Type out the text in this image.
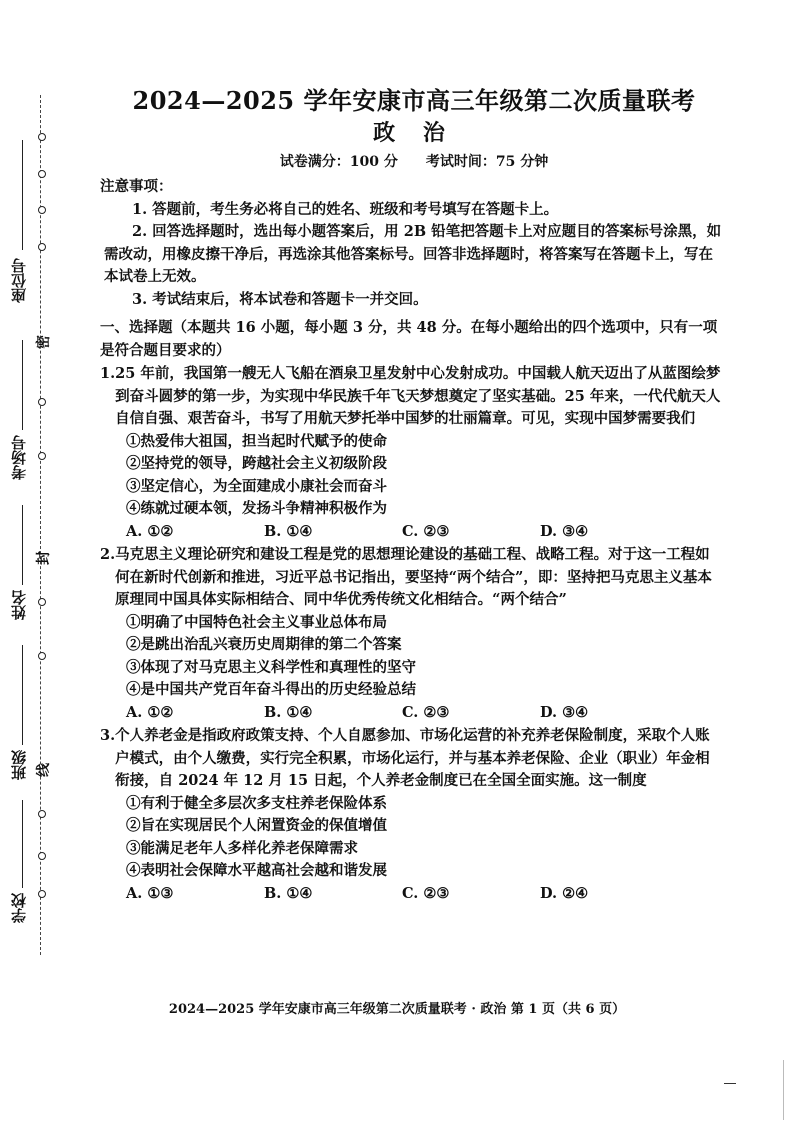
座位号
密
考场号
封
姓名
班级 线
学校
2024—2025 学年安康市高三年级第二次质量联考
政 治
试卷满分：100 分 考试时间：75 分钟
注意事项：
1. 答题前，考生务必将自己的姓名、班级和考号填写在答题卡上。
2. 回答选择题时，选出每小题答案后，用 2B 铅笔把答题卡上对应题目的答案标号涂黑，如需改动，用橡皮擦干净后，再选涂其他答案标号。回答非选择题时，将答案写在答题卡上，写在本试卷上无效。
3. 考试结束后，将本试卷和答题卡一并交回。
一、选择题（本题共 16 小题，每小题 3 分，共 48 分。在每小题给出的四个选项中，只有一项是符合题目要求的）
1. 25 年前，我国第一艘无人飞船在酒泉卫星发射中心发射成功。中国载人航天迈出了从蓝图绘梦到奋斗圆梦的第一步，为实现中华民族千年飞天梦想奠定了坚实基础。25 年来，一代代航天人自信自强、艰苦奋斗，书写了用航天梦托举中国梦的壮丽篇章。可见，实现中国梦需要我们
①热爱伟大祖国，担当起时代赋予的使命
②坚持党的领导，跨越社会主义初级阶段
③坚定信心，为全面建成小康社会而奋斗
④练就过硬本领，发扬斗争精神积极作为
A. ①②	B. ①④	C. ②③	D. ③④
2. 马克思主义理论研究和建设工程是党的思想理论建设的基础工程、战略工程。对于这一工程如何在新时代创新和推进，习近平总书记指出，要坚持“两个结合”，即：坚持把马克思主义基本原理同中国具体实际相结合、同中华优秀传统文化相结合。“两个结合”
①明确了中国特色社会主义事业总体布局
②是跳出治乱兴衰历史周期律的第二个答案
③体现了对马克思主义科学性和真理性的坚守
④是中国共产党百年奋斗得出的历史经验总结
A. ①②	B. ①④	C. ②③	D. ③④
3. 个人养老金是指政府政策支持、个人自愿参加、市场化运营的补充养老保险制度，采取个人账户模式，由个人缴费，实行完全积累，市场化运行，并与基本养老保险、企业（职业）年金相衔接，自 2024 年 12 月 15 日起，个人养老金制度已在全国全面实施。这一制度
①有利于健全多层次多支柱养老保险体系
②旨在实现居民个人闲置资金的保值增值
③能满足老年人多样化养老保障需求
④表明社会保障水平越高社会越和谐发展
A. ①③	B. ①④	C. ②③	D. ②④
2024—2025 学年安康市高三年级第二次质量联考 · 政治 第 1 页（共 6 页）
